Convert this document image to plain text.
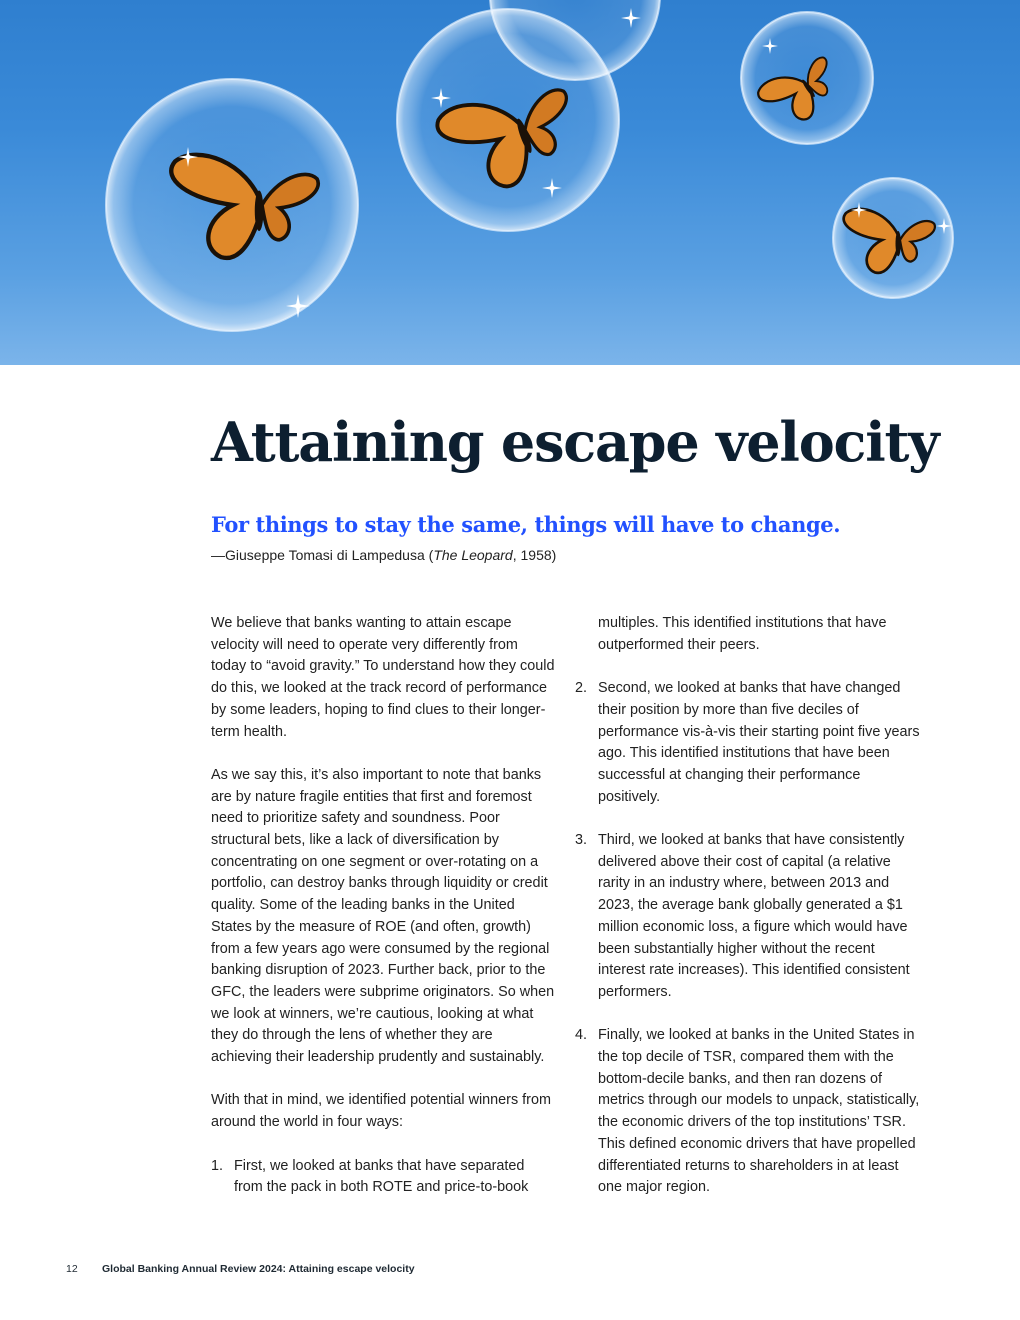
Attaining escape velocity

For things to stay the same, things will have to change.

—Giuseppe Tomasi di Lampedusa (The Leopard, 1958)

We believe that banks wanting to attain escape velocity will need to operate very differently from today to “avoid gravity.” To understand how they could do this, we looked at the track record of performance by some leaders, hoping to find clues to their longer-term health.

As we say this, it’s also important to note that banks are by nature fragile entities that first and foremost need to prioritize safety and soundness. Poor structural bets, like a lack of diversification by concentrating on one segment or over-rotating on a portfolio, can destroy banks through liquidity or credit quality. Some of the leading banks in the United States by the measure of ROE (and often, growth) from a few years ago were consumed by the regional banking disruption of 2023. Further back, prior to the GFC, the leaders were subprime originators. So when we look at winners, we’re cautious, looking at what they do through the lens of whether they are achieving their leadership prudently and sustainably.

With that in mind, we identified potential winners from around the world in four ways:

1. First, we looked at banks that have separated from the pack in both ROTE and price-to-book
multiples. This identified institutions that have outperformed their peers.
2. Second, we looked at banks that have changed their position by more than five deciles of performance vis-à-vis their starting point five years ago. This identified institutions that have been successful at changing their performance positively.
3. Third, we looked at banks that have consistently delivered above their cost of capital (a relative rarity in an industry where, between 2013 and 2023, the average bank globally generated a $1 million economic loss, a figure which would have been substantially higher without the recent interest rate increases). This identified consistent performers.
4. Finally, we looked at banks in the United States in the top decile of TSR, compared them with the bottom-decile banks, and then ran dozens of metrics through our models to unpack, statistically, the economic drivers of the top institutions’ TSR. This defined economic drivers that have propelled differentiated returns to shareholders in at least one major region.
12 Global Banking Annual Review 2024: Attaining escape velocity
